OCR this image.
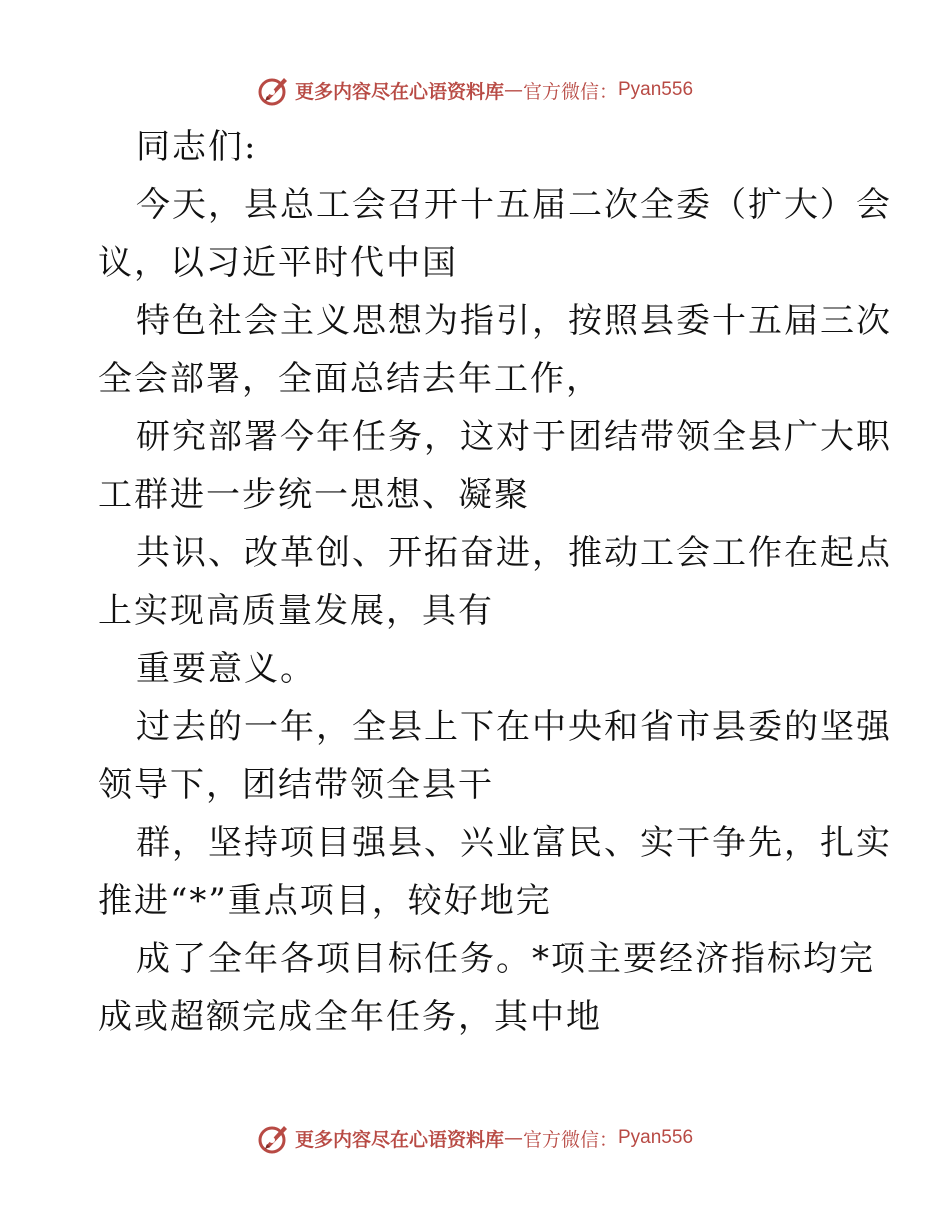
更多内容尽在心语资料库 — 官方微信： Pyan556
同志们:
今天，县总工会召开十五届二次全委（扩大）会
议，以习近平时代中国
特色社会主义思想为指引，按照县委十五届三次
全会部署，全面总结去年工作，
研究部署今年任务，这对于团结带领全县广大职
工群进一步统一思想、凝聚
共识、改革创、开拓奋进，推动工会工作在起点
上实现高质量发展，具有
重要意义。
过去的一年，全县上下在中央和省市县委的坚强
领导下，团结带领全县干
群，坚持项目强县、兴业富民、实干争先，扎实
推进“*”重点项目，较好地完
成了全年各项目标任务。*项主要经济指标均完
成或超额完成全年任务，其中地
更多内容尽在心语资料库 — 官方微信： Pyan556
